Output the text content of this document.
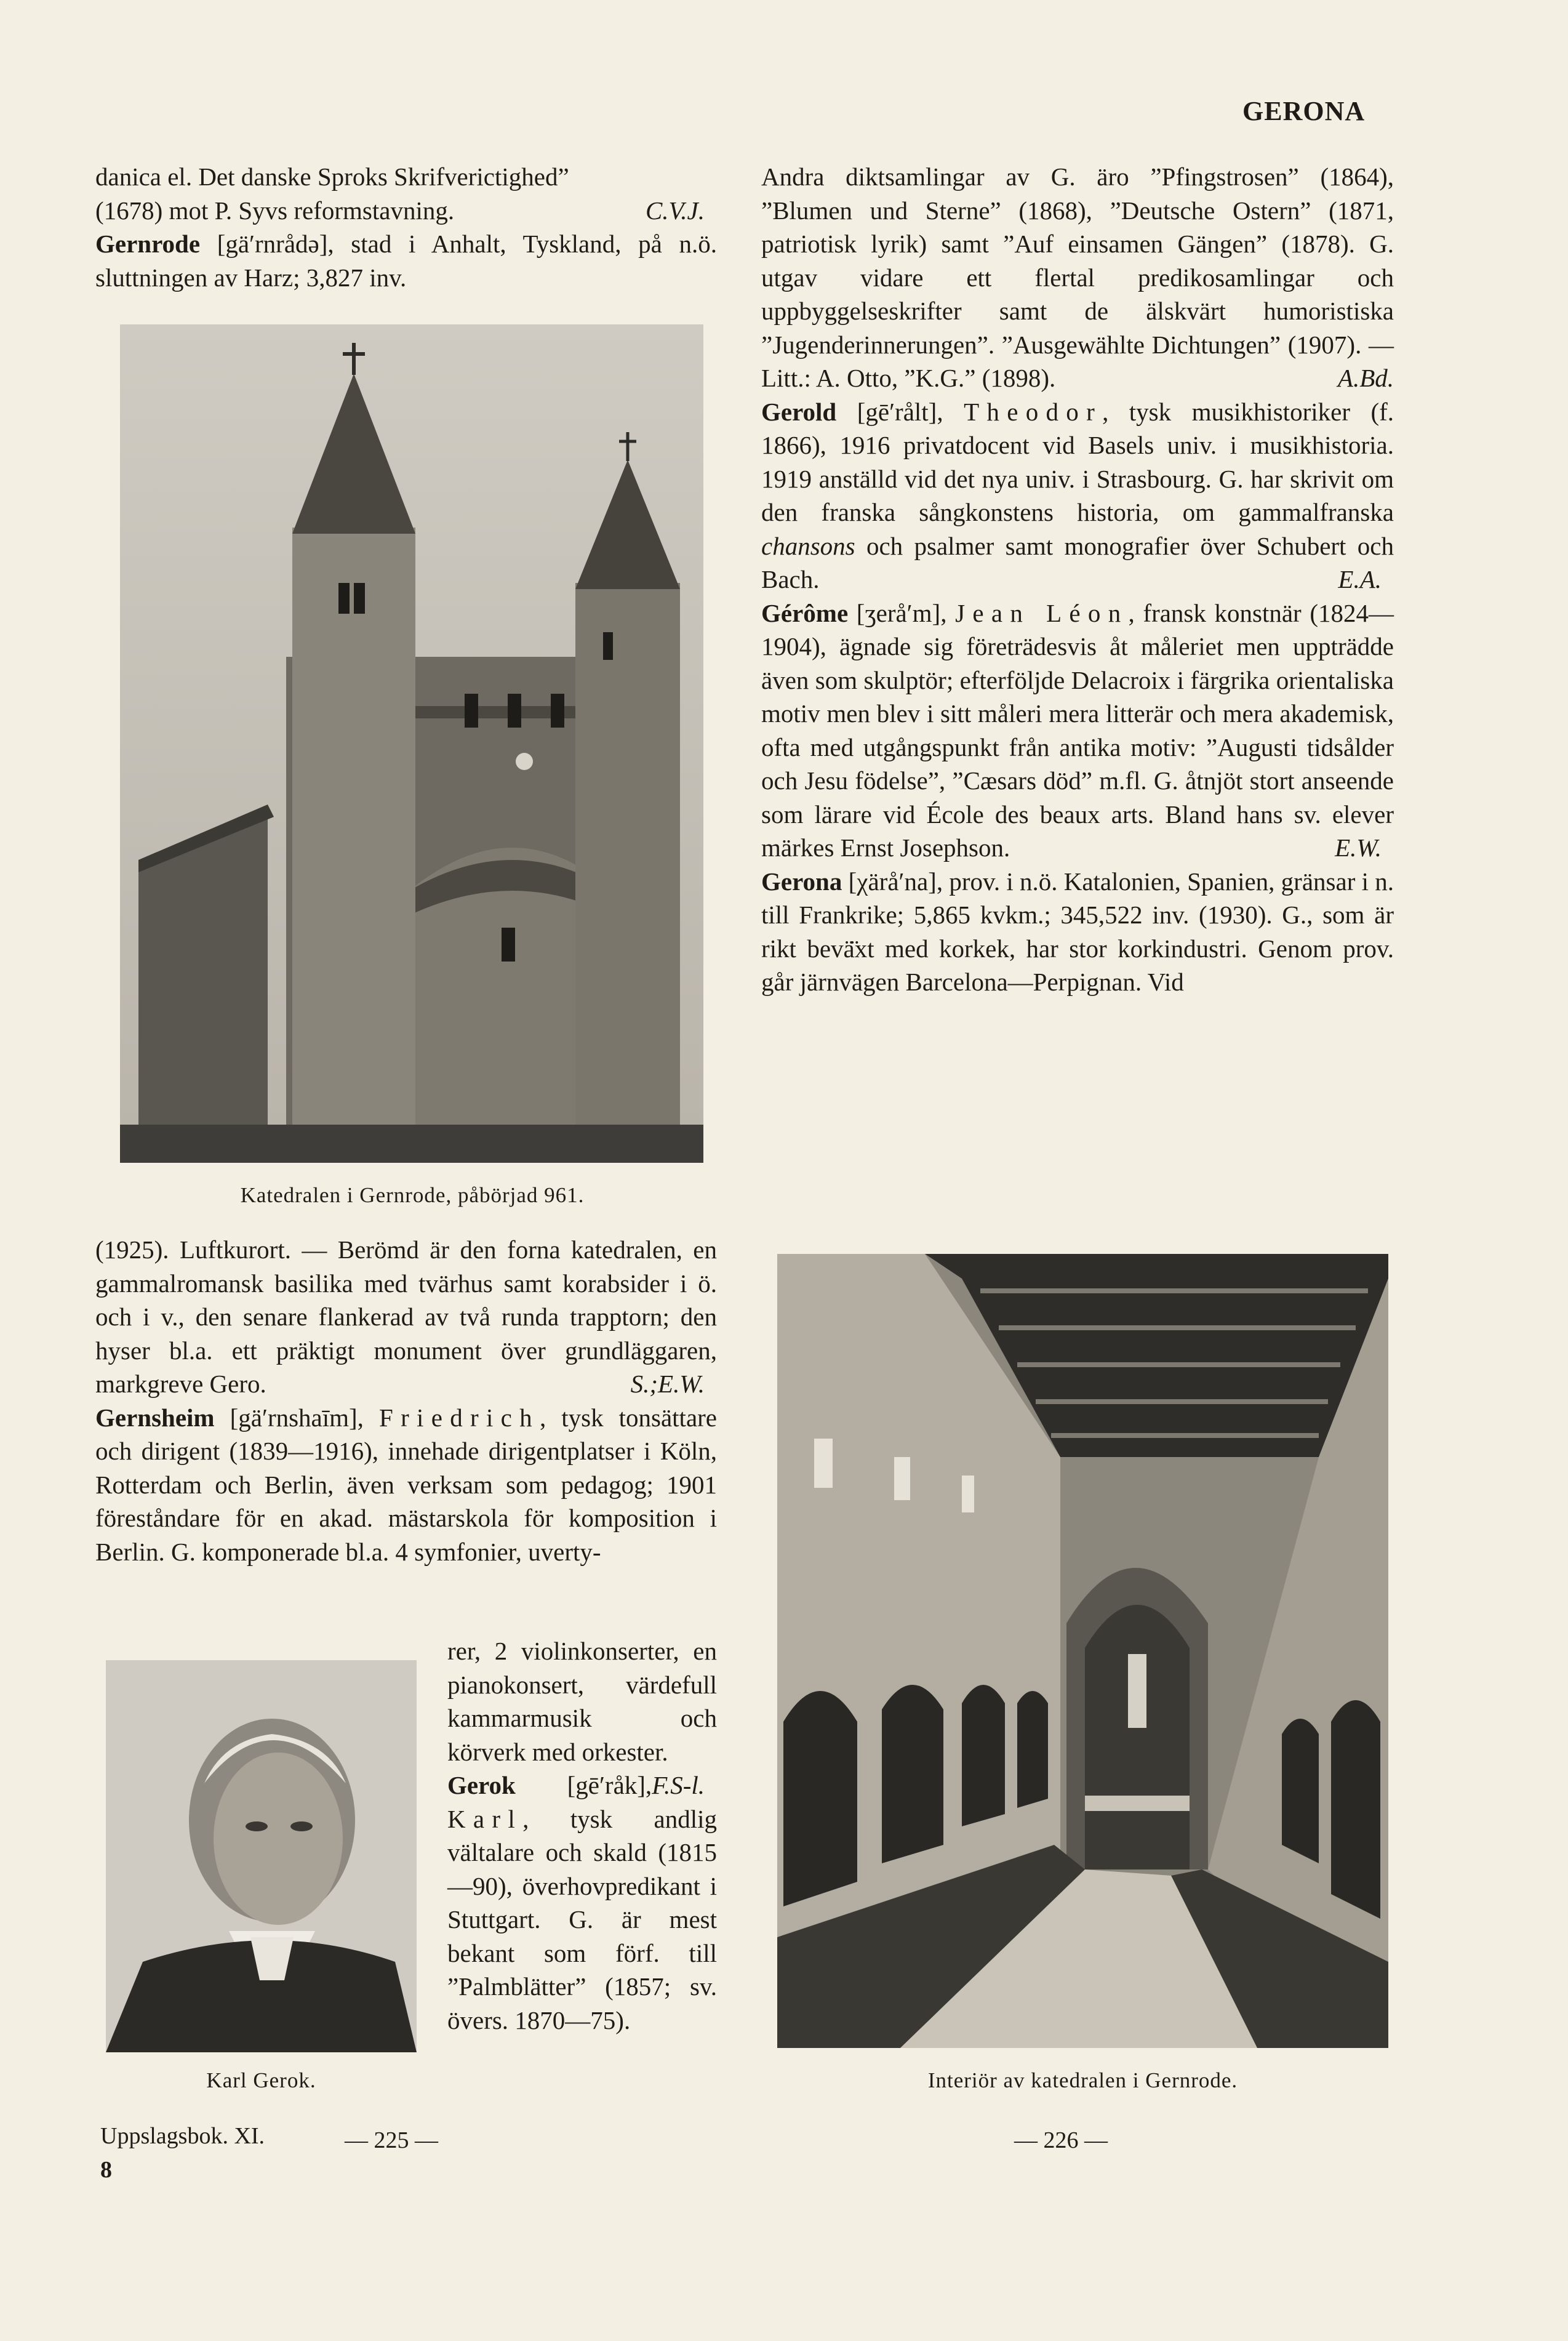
GERONA

danica el. Det danske Sproks Skrifverictighed”

(1678) mot P. Syvs reformstavning.	C.V.J.

Gernrode [gä′rnrådə], stad i Anhalt, Tyskland, på n.ö. sluttningen av Harz; 3,827 inv.

Katedralen i Gernrode, påbörjad 961.

(1925). Luftkurort. — Berömd är den forna katedralen, en gammalromansk basilika med tvärhus samt korabsider i ö. och i v., den senare flankerad av två runda trapptorn; den hyser bl.a. ett präktigt monument över grundläggaren, markgreve Gero.	S.;E.W.

Gernsheim [gä′rnshaīm], Friedrich, tysk tonsättare och dirigent (1839—1916), innehade dirigentplatser i Köln, Rotterdam och Berlin, även verksam som pedagog; 1901 föreståndare för en akad. mästarskola för komposition i Berlin. G. komponerade bl.a. 4 symfonier, uverty-

Karl Gerok.

rer, 2 violinkonserter, en pianokonsert, värdefull kammarmusik och körverk med orkester.
F.S-l.

Gerok [gē′råk], Karl, tysk andlig vältalare och skald (1815—90), överhovpredikant i Stuttgart. G. är mest bekant som förf. till ”Palmblätter” (1857; sv. övers. 1870—75).

Uppslagsbok. XI.
8
— 225 —

Andra diktsamlingar av G. äro ”Pfingstrosen” (1864), ”Blumen und Sterne” (1868), ”Deutsche Ostern” (1871, patriotisk lyrik) samt ”Auf einsamen Gängen” (1878). G. utgav vidare ett flertal predikosamlingar och uppbyggelseskrifter samt de älskvärt humoristiska ”Jugenderinnerungen”. ”Ausgewählte Dichtungen” (1907). — Litt.: A. Otto, ”K.G.” (1898).	A.Bd.

Gerold [gē′rålt], Theodor, tysk musikhistoriker (f. 1866), 1916 privatdocent vid Basels univ. i musikhistoria. 1919 anställd vid det nya univ. i Strasbourg. G. har skrivit om den franska sångkonstens historia, om gammalfranska chansons och psalmer samt monografier över Schubert och Bach.	E.A.

Gérôme [ʒerå′m], Jean Léon, fransk konstnär (1824—1904), ägnade sig företrädesvis åt måleriet men uppträdde även som skulptör; efterföljde Delacroix i färgrika orientaliska motiv men blev i sitt måleri mera litterär och mera akademisk, ofta med utgångspunkt från antika motiv: ”Augusti tidsålder och Jesu födelse”, ”Cæsars död” m.fl. G. åtnjöt stort anseende som lärare vid École des beaux arts. Bland hans sv. elever märkes Ernst Josephson.	E.W.

Gerona [χärå′na], prov. i n.ö. Katalonien, Spanien, gränsar i n. till Frankrike; 5,865 kvkm.; 345,522 inv. (1930). G., som är rikt bevä̈xt med korkek, har stor korkindustri. Genom prov. går järnvägen Barcelona—Perpignan. Vid

Interiör av katedralen i Gernrode.
— 226 —
